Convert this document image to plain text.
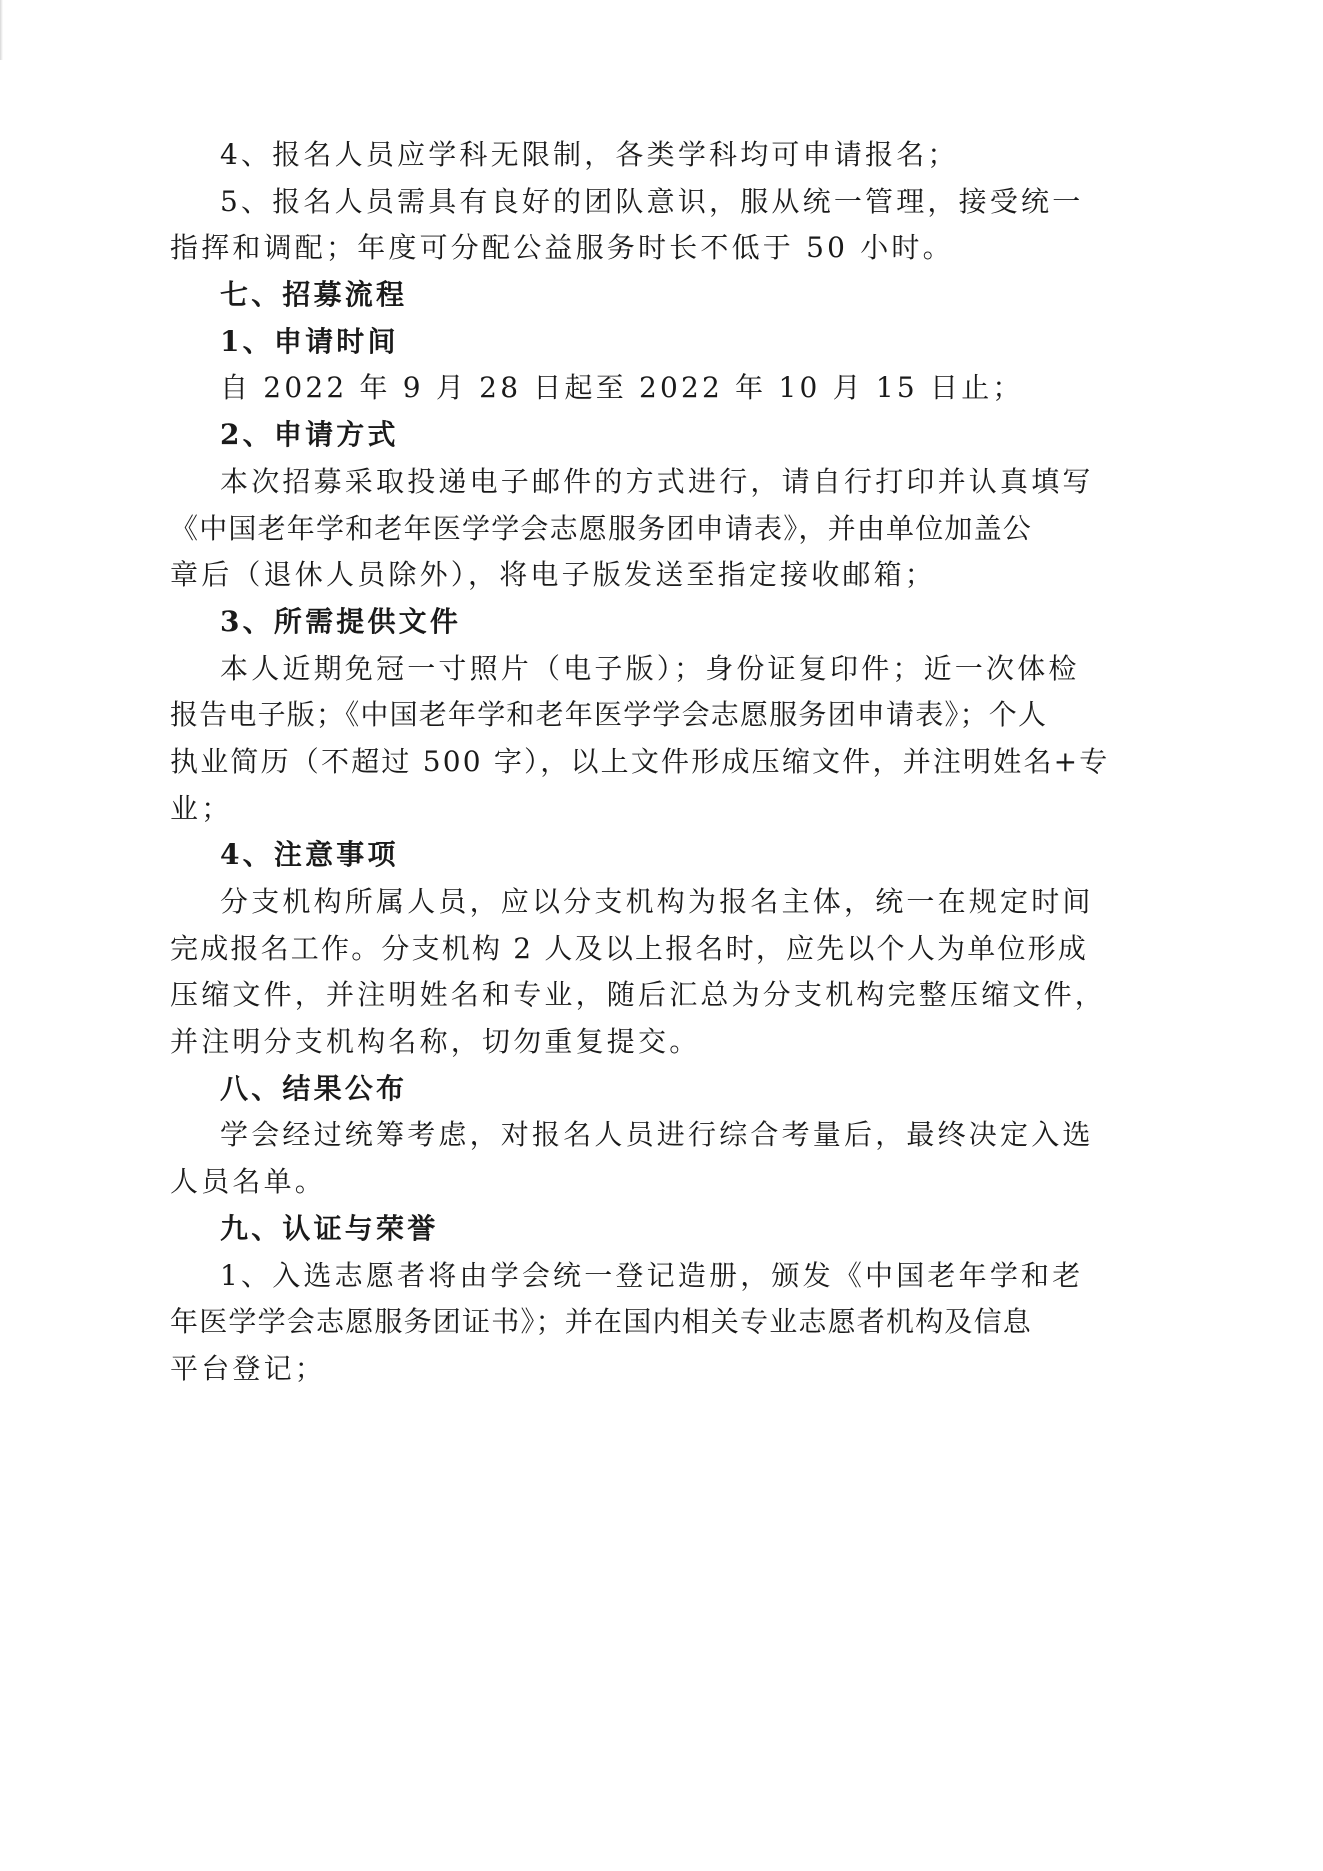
4、报名人员应学科无限制，各类学科均可申请报名；
5、报名人员需具有良好的团队意识，服从统一管理，接受统一
指挥和调配；年度可分配公益服务时长不低于 50 小时。
七、招募流程
1、申请时间
自 2022 年 9 月 28 日起至 2022 年 10 月 15 日止；
2、申请方式
本次招募采取投递电子邮件的方式进行，请自行打印并认真填写
《中国老年学和老年医学学会志愿服务团申请表》，并由单位加盖公
章后（退休人员除外），将电子版发送至指定接收邮箱；
3、所需提供文件
本人近期免冠一寸照片（电子版）；身份证复印件；近一次体检
报告电子版；《中国老年学和老年医学学会志愿服务团申请表》；个人
执业简历（不超过 500 字），以上文件形成压缩文件，并注明姓名+专
业；
4、注意事项
分支机构所属人员，应以分支机构为报名主体，统一在规定时间
完成报名工作。分支机构 2 人及以上报名时，应先以个人为单位形成
压缩文件，并注明姓名和专业，随后汇总为分支机构完整压缩文件，
并注明分支机构名称，切勿重复提交。
八、结果公布
学会经过统筹考虑，对报名人员进行综合考量后，最终决定入选
人员名单。
九、认证与荣誉
1、入选志愿者将由学会统一登记造册，颁发《中国老年学和老
年医学学会志愿服务团证书》；并在国内相关专业志愿者机构及信息
平台登记；
